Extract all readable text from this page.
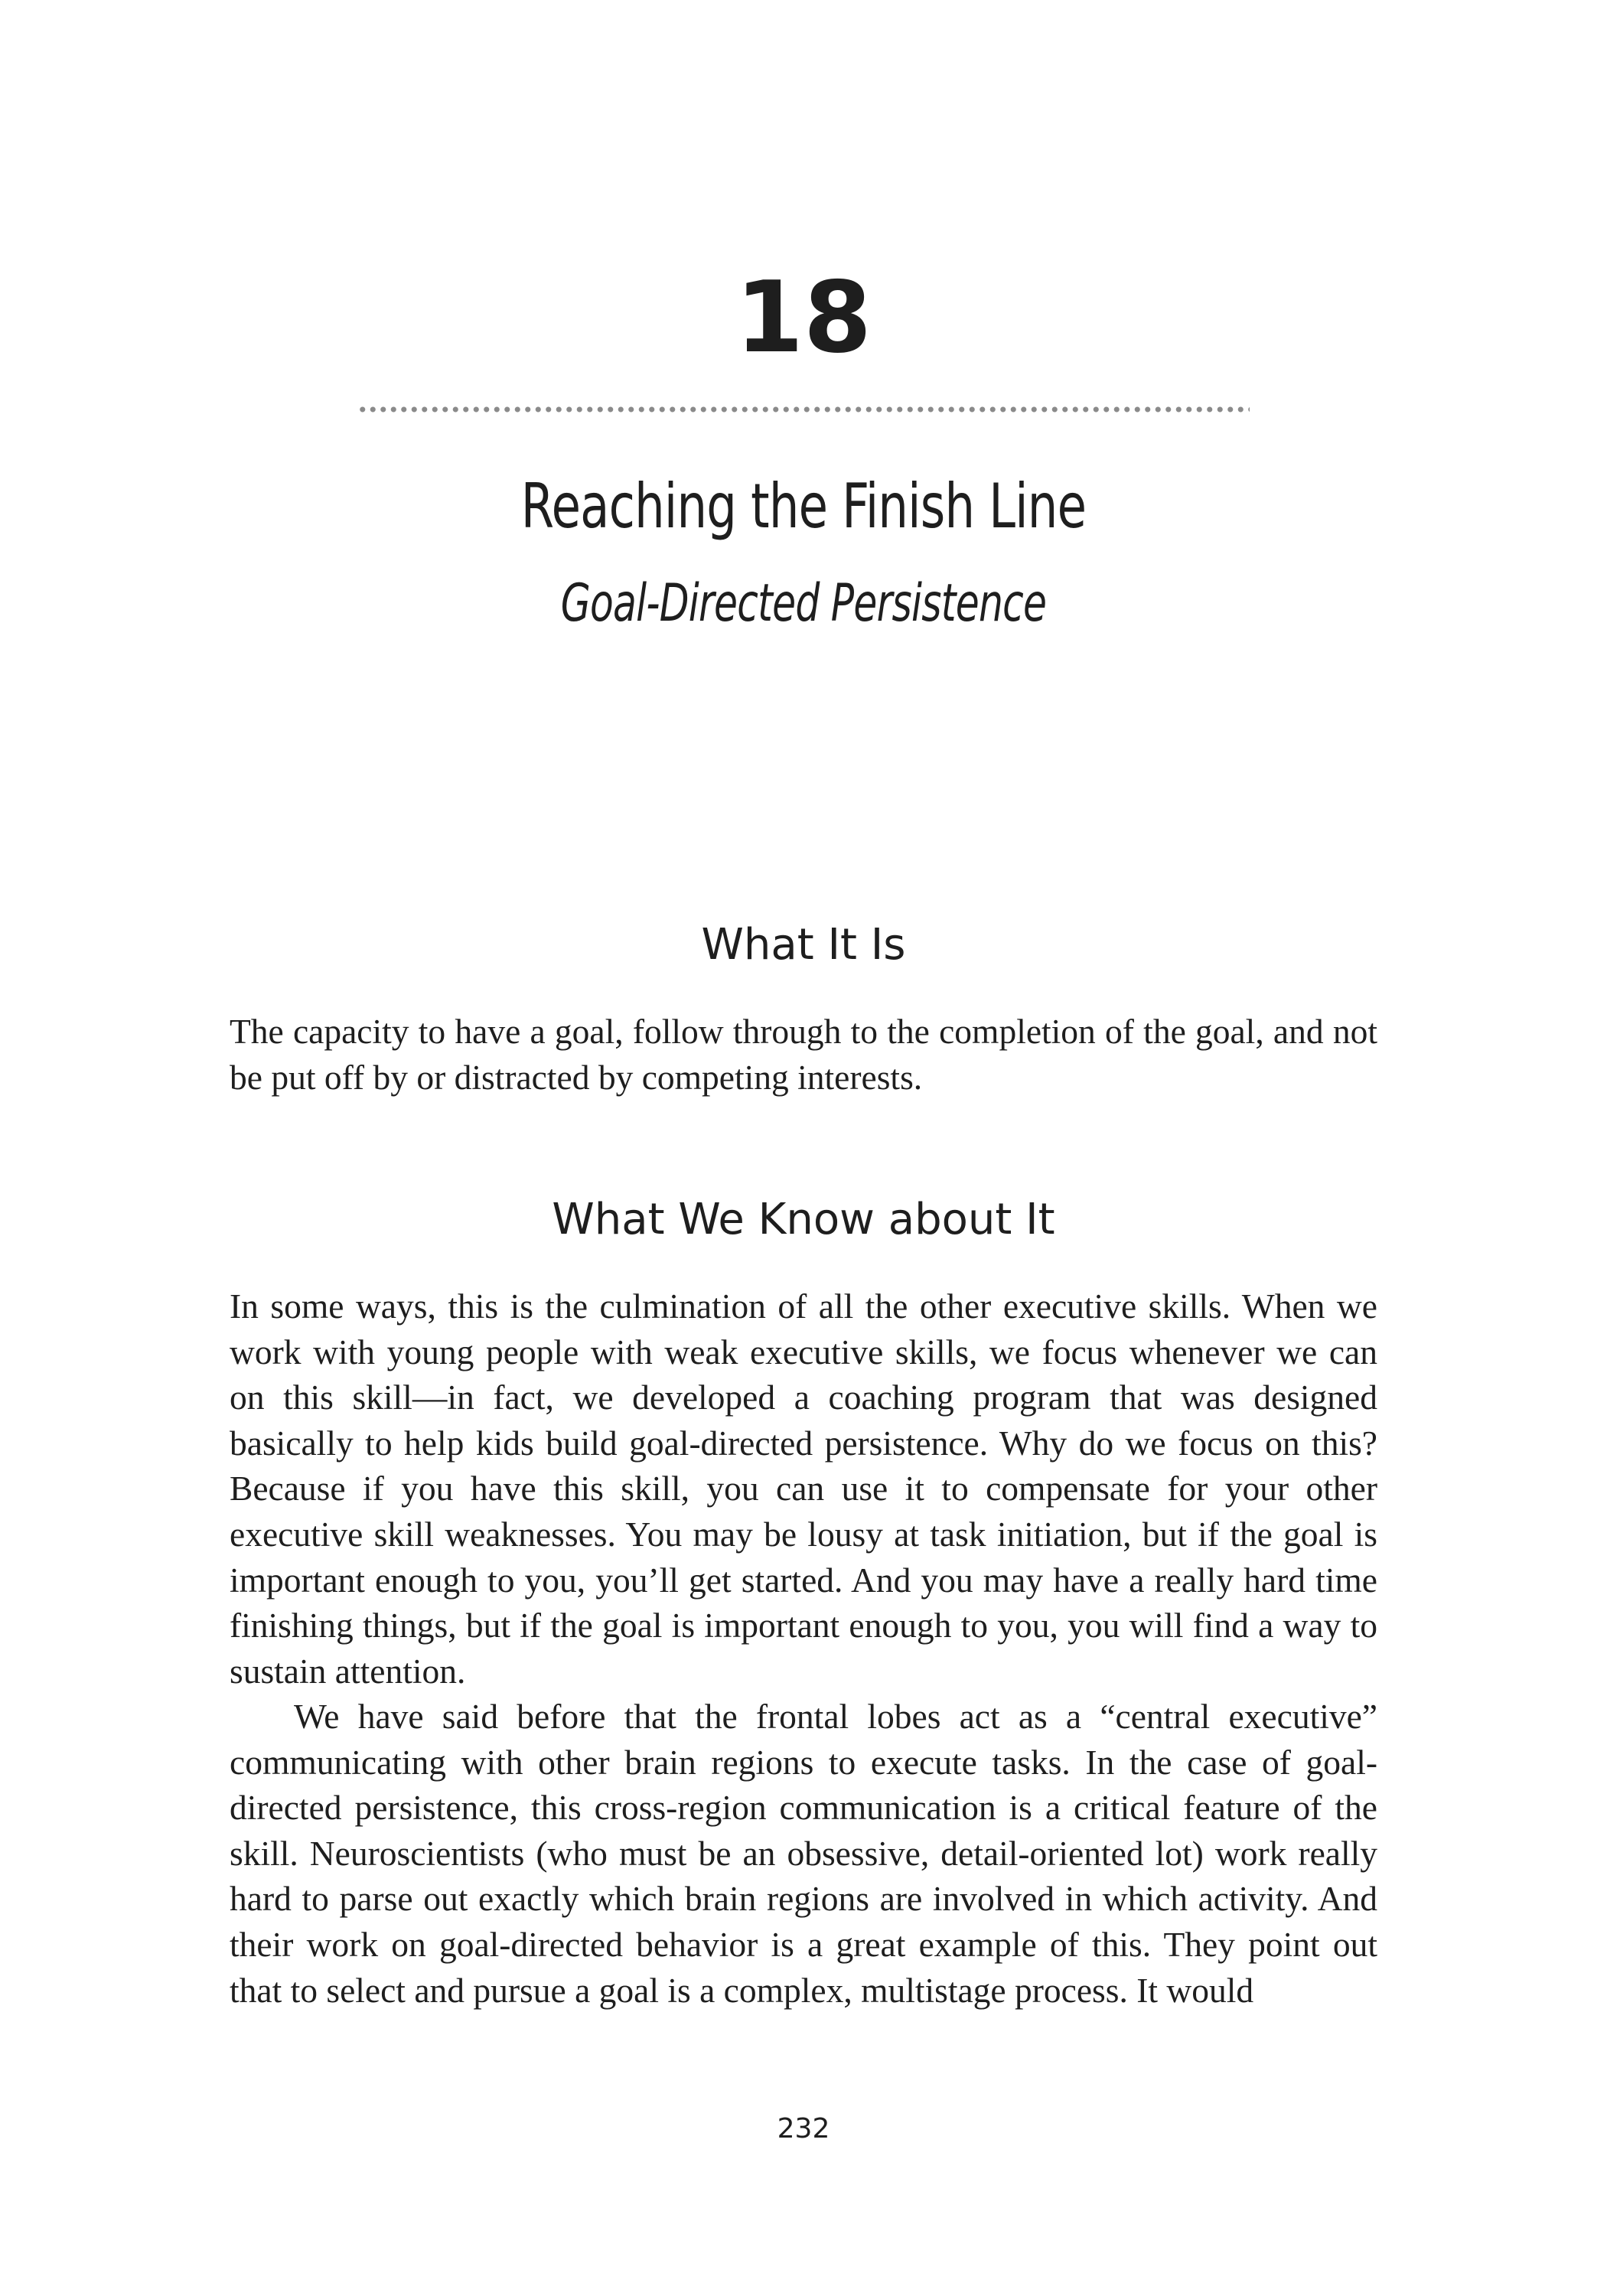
18
Reaching the Finish Line
Goal-Directed Persistence
What It Is
The capacity to have a goal, follow through to the completion of the goal, and not be put off by or distracted by competing interests.
What We Know about It
In some ways, this is the culmination of all the other executive skills. When we work with young people with weak executive skills, we focus whenever we can on this skill—in fact, we developed a coaching program that was designed basically to help kids build goal-directed persistence. Why do we focus on this? Because if you have this skill, you can use it to compensate for your other executive skill weaknesses. You may be lousy at task initiation, but if the goal is important enough to you, you’ll get started. And you may have a really hard time finishing things, but if the goal is important enough to you, you will find a way to sustain attention.
We have said before that the frontal lobes act as a “central executive” communicating with other brain regions to execute tasks. In the case of goal-directed persistence, this cross-region communication is a critical feature of the skill. Neuroscientists (who must be an obsessive, detail-oriented lot) work really hard to parse out exactly which brain regions are involved in which activity. And their work on goal-directed behavior is a great example of this. They point out that to select and pursue a goal is a complex, multistage process. It would
232
